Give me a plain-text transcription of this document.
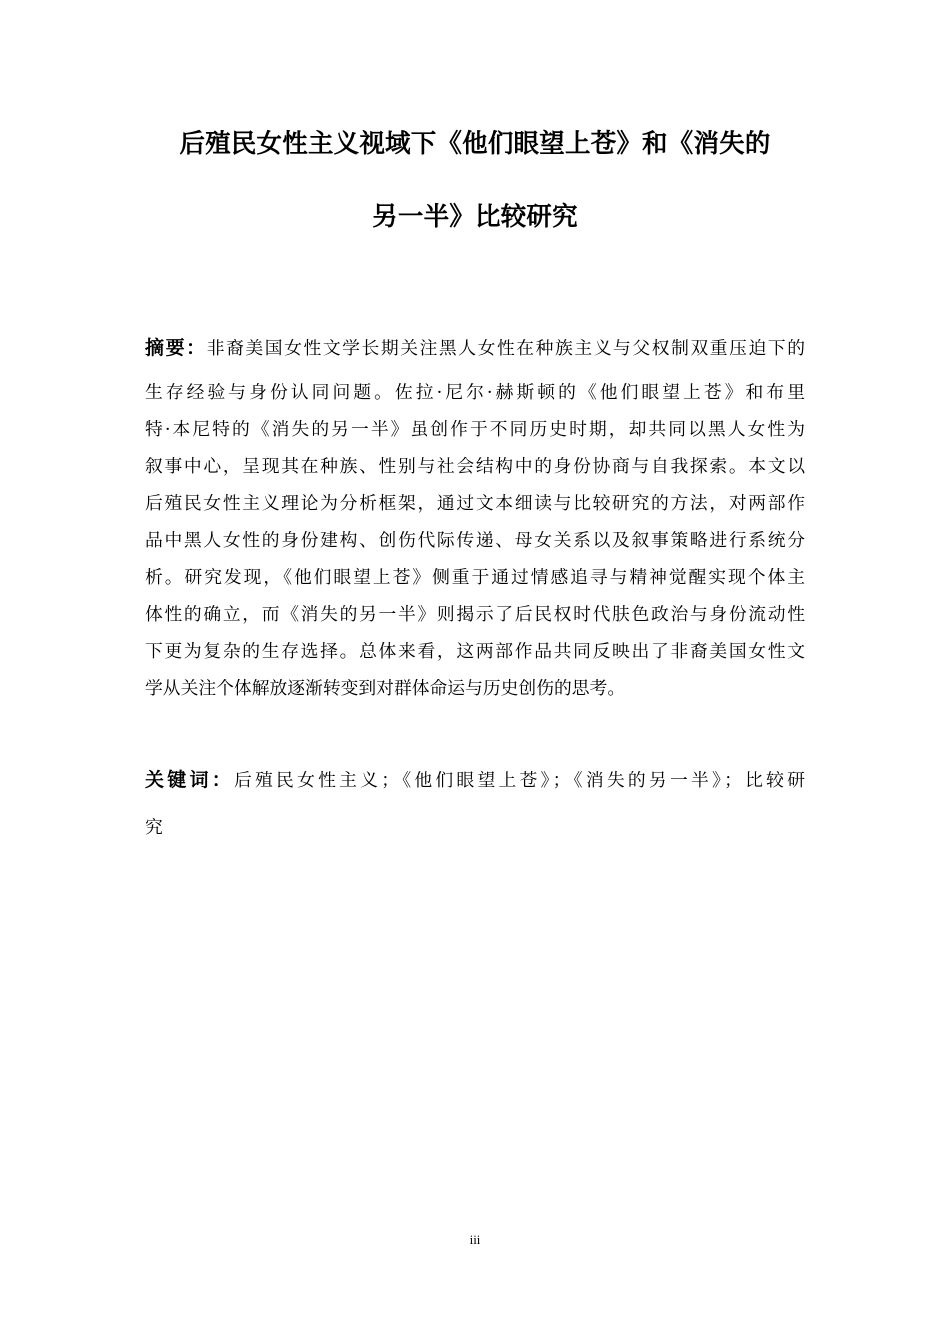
后殖民女性主义视域下《他们眼望上苍》和《消失的
另一半》比较研究
摘要：非裔美国女性文学长期关注黑人女性在种族主义与父权制双重压迫下的
生存经验与身份认同问题。佐拉·尼尔·赫斯顿的《他们眼望上苍》和布里
特·本尼特的《消失的另一半》虽创作于不同历史时期，却共同以黑人女性为
叙事中心，呈现其在种族、性别与社会结构中的身份协商与自我探索。本文以
后殖民女性主义理论为分析框架，通过文本细读与比较研究的方法，对两部作
品中黑人女性的身份建构、创伤代际传递、母女关系以及叙事策略进行系统分
析。研究发现，《他们眼望上苍》侧重于通过情感追寻与精神觉醒实现个体主
体性的确立，而《消失的另一半》则揭示了后民权时代肤色政治与身份流动性
下更为复杂的生存选择。总体来看，这两部作品共同反映出了非裔美国女性文
学从关注个体解放逐渐转变到对群体命运与历史创伤的思考。
关键词：后殖民女性主义；《他们眼望上苍》；《消失的另一半》；比较研
究
iii
